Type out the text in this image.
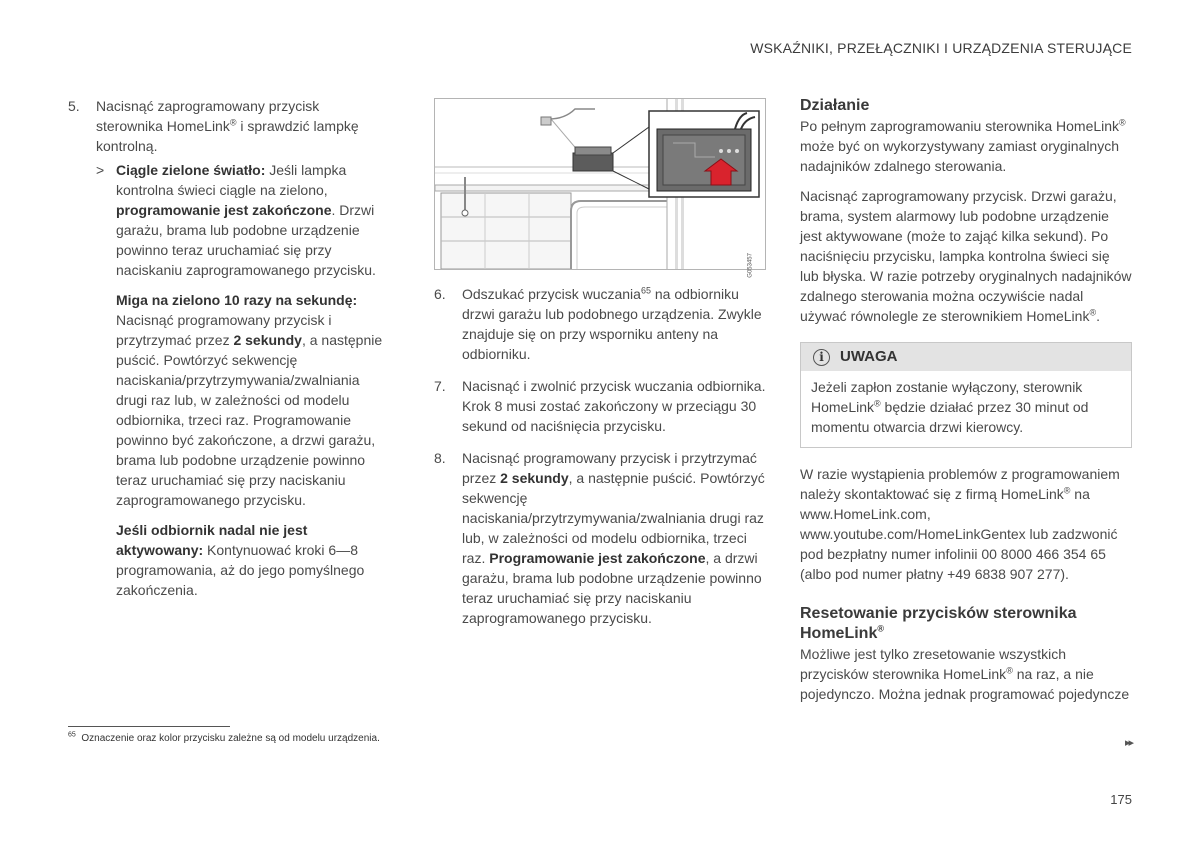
WSKAŹNIKI, PRZEŁĄCZNIKI I URZĄDZENIA STERUJĄCE
5.	Nacisnąć zaprogramowany przycisk sterownika HomeLink® i sprawdzić lampkę kontrolną.

> Ciągle zielone światło: Jeśli lampka kontrolna świeci ciągle na zielono, programowanie jest zakończone. Drzwi garażu, brama lub podobne urządzenie powinno teraz uruchamiać się przy naciskaniu zaprogramowanego przycisku.

Miga na zielono 10 razy na sekundę: Nacisnąć programowany przycisk i przytrzymać przez 2 sekundy, a następnie puścić. Powtórzyć sekwencję naciskania/przytrzymywania/zwalniania drugi raz lub, w zależności od modelu odbiornika, trzeci raz. Programowanie powinno być zakończone, a drzwi garażu, brama lub podobne urządzenie powinno teraz uruchamiać się przy naciskaniu zaprogramowanego przycisku.

Jeśli odbiornik nadal nie jest aktywowany: Kontynuować kroki 6—8 programowania, aż do jego pomyślnego zakończenia.

G053457
6.	Odszukać przycisk wuczania$^{65}$ na odbiorniku drzwi garażu lub podobnego urządzenia. Zwykle znajduje się on przy wsporniku anteny na odbiorniku.

7.	Nacisnąć i zwolnić przycisk wuczania odbiornika. Krok 8 musi zostać zakończony w przeciągu 30 sekund od naciśnięcia przycisku.

8.	Nacisnąć programowany przycisk i przytrzymać przez 2 sekundy, a następnie puścić. Powtórzyć sekwencję naciskania/przytrzymywania/zwalniania drugi raz lub, w zależności od modelu odbiornika, trzeci raz. Programowanie jest zakończone, a drzwi garażu, brama lub podobne urządzenie powinno teraz uruchamiać się przy naciskaniu zaprogramowanego przycisku.

Działanie

Po pełnym zaprogramowaniu sterownika HomeLink® może być on wykorzystywany zamiast oryginalnych nadajników zdalnego sterowania.

Nacisnąć zaprogramowany przycisk. Drzwi garażu, brama, system alarmowy lub podobne urządzenie jest aktywowane (może to zająć kilka sekund). Po naciśnięciu przycisku, lampka kontrolna świeci się lub błyska. W razie potrzeby oryginalnych nadajników zdalnego sterowania można oczywiście nadal używać równolegle ze sterownikiem HomeLink®.

i	UWAGA

Jeżeli zapłon zostanie wyłączony, sterownik HomeLink® będzie działać przez 30 minut od momentu otwarcia drzwi kierowcy.

W razie wystąpienia problemów z programowaniem należy skontaktować się z firmą HomeLink® na www.HomeLink.com, www.youtube.com/HomeLinkGentex lub zadzwonić pod bezpłatny numer infolinii 00 8000 466 354 65 (albo pod numer płatny +49 6838 907 277).

Resetowanie przycisków sterownika HomeLink®

Możliwe jest tylko zresetowanie wszystkich przycisków sterownika HomeLink® na raz, a nie pojedynczo. Można jednak programować pojedyncze

$^{65}$ Oznaczenie oraz kolor przycisku zależne są od modelu urządzenia.	▸▸
175
